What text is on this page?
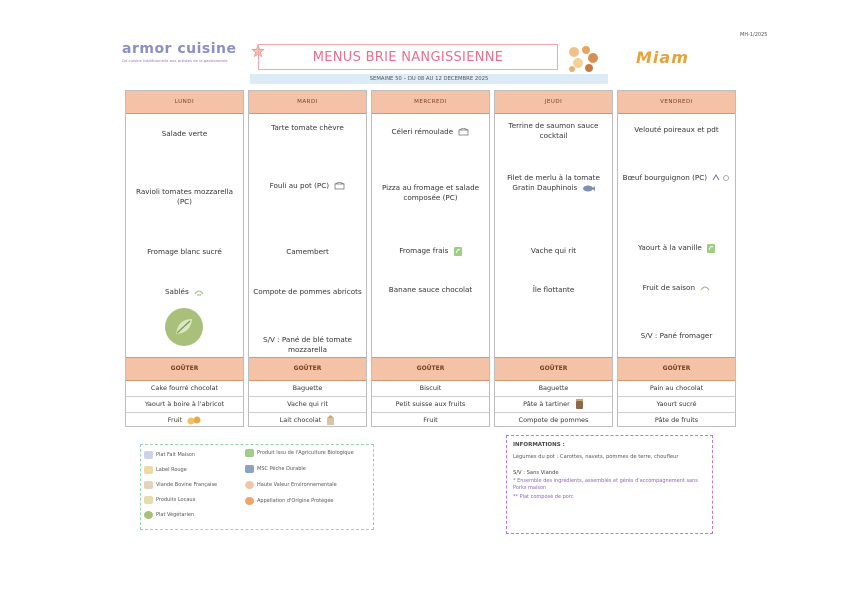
MH-1/2025
armor cuisine
Du cuisine traditionnelle aux artistes de la gastronomie	MENUS BRIE NANGISSIENNE
SEMAINE 50 – DU 08 AU 12 DECEMBRE 2025
Miam
LUNDI
Salade verte
Ravioli tomates mozzarella (PC)
Fromage blanc sucré
Sablés
GOÛTER
Cake fourré chocolat
Yaourt à boire à l'abricot
Fruit
MARDI
Tarte tomate chèvre
Fouli au pot (PC)
Camembert
Compote de pommes abricots
S/V : Pané de blé tomate mozzarella
GOÛTER
Baguette
Vache qui rit
Lait chocolat
MERCREDI
Céleri rémoulade
Pizza au fromage et salade composée (PC)
Fromage frais
Banane sauce chocolat
GOÛTER
Biscuit
Petit suisse aux fruits
Fruit
JEUDI
Terrine de saumon sauce cocktail
Filet de merlu à la tomate Gratin Dauphinois
Vache qui rit
Île flottante
GOÛTER
Baguette
Pâte à tartiner
Compote de pommes
VENDREDI
Velouté poireaux et pdt
Bœuf bourguignon (PC)
Yaourt à la vanille
Fruit de saison
S/V : Pané fromager
GOÛTER
Pain au chocolat
Yaourt sucré
Pâte de fruits
Plat Fait Maison
Label Rouge
Viande Bovine Française
Produits Locaux
Plat Végétarien
Produit Issu de l'Agriculture Biologique
MSC Pêche Durable
Haute Valeur Environnementale
Appellation d'Origine Protégée
INFORMATIONS :
Légumes du pot : Carottes, navets, pommes de terre, choufleur
S/V : Sans Viande
* Ensemble des ingrédients, assemblés et gérés d'accompagnement sans Porks maison
** Plat composé de porc
